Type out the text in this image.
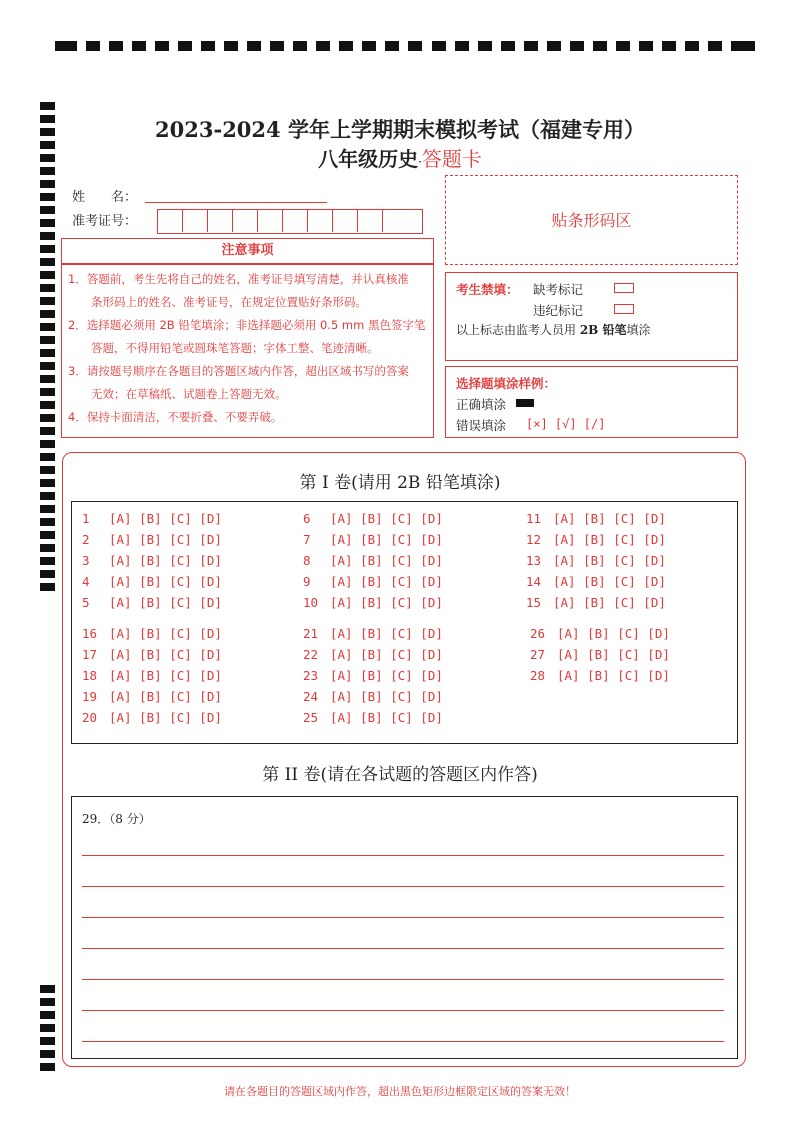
2023-2024 学年上学期期末模拟考试（福建专用）
八年级历史·答题卡
姓　　名：
准考证号：	贴条形码区
注意事项

1．答题前，考生先将自己的姓名，准考证号填写清楚，并认真核准

　　条形码上的姓名、准考证号，在规定位置贴好条形码。

2．选择题必须用 2B 铅笔填涂；非选择题必须用 0.5 mm 黑色签字笔

　　答题，不得用铅笔或圆珠笔答题；字体工整、笔迹清晰。

3．请按题号顺序在各题目的答题区域内作答，超出区域书写的答案

　　无效；在草稿纸、试题卷上答题无效。

4．保持卡面清洁，不要折叠、不要弄破。

考生禁填： 缺考标记
违纪标记
以上标志由监考人员用 2B 铅笔填涂
选择题填涂样例：
正确填涂
错误填涂 [×] [√] [/]
第 I 卷(请用 2B 铅笔填涂)
1	[A] [B] [C] [D]
2	[A] [B] [C] [D]
3	[A] [B] [C] [D]
4	[A] [B] [C] [D]
5	[A] [B] [C] [D]
6	[A] [B] [C] [D]
7	[A] [B] [C] [D]
8	[A] [B] [C] [D]
9	[A] [B] [C] [D]
10 [A] [B] [C] [D]
11 [A] [B] [C] [D]
12 [A] [B] [C] [D]
13 [A] [B] [C] [D]
14 [A] [B] [C] [D]
15 [A] [B] [C] [D]
16 [A] [B] [C] [D]
17 [A] [B] [C] [D]
18 [A] [B] [C] [D]
19 [A] [B] [C] [D]
20 [A] [B] [C] [D]
21 [A] [B] [C] [D]
22 [A] [B] [C] [D]
23 [A] [B] [C] [D]
24 [A] [B] [C] [D]
25 [A] [B] [C] [D]
26 [A] [B] [C] [D]
27 [A] [B] [C] [D]
28 [A] [B] [C] [D]
第 II 卷(请在各试题的答题区内作答)
29．（8 分）
请在各题目的答题区域内作答，超出黑色矩形边框限定区域的答案无效！
